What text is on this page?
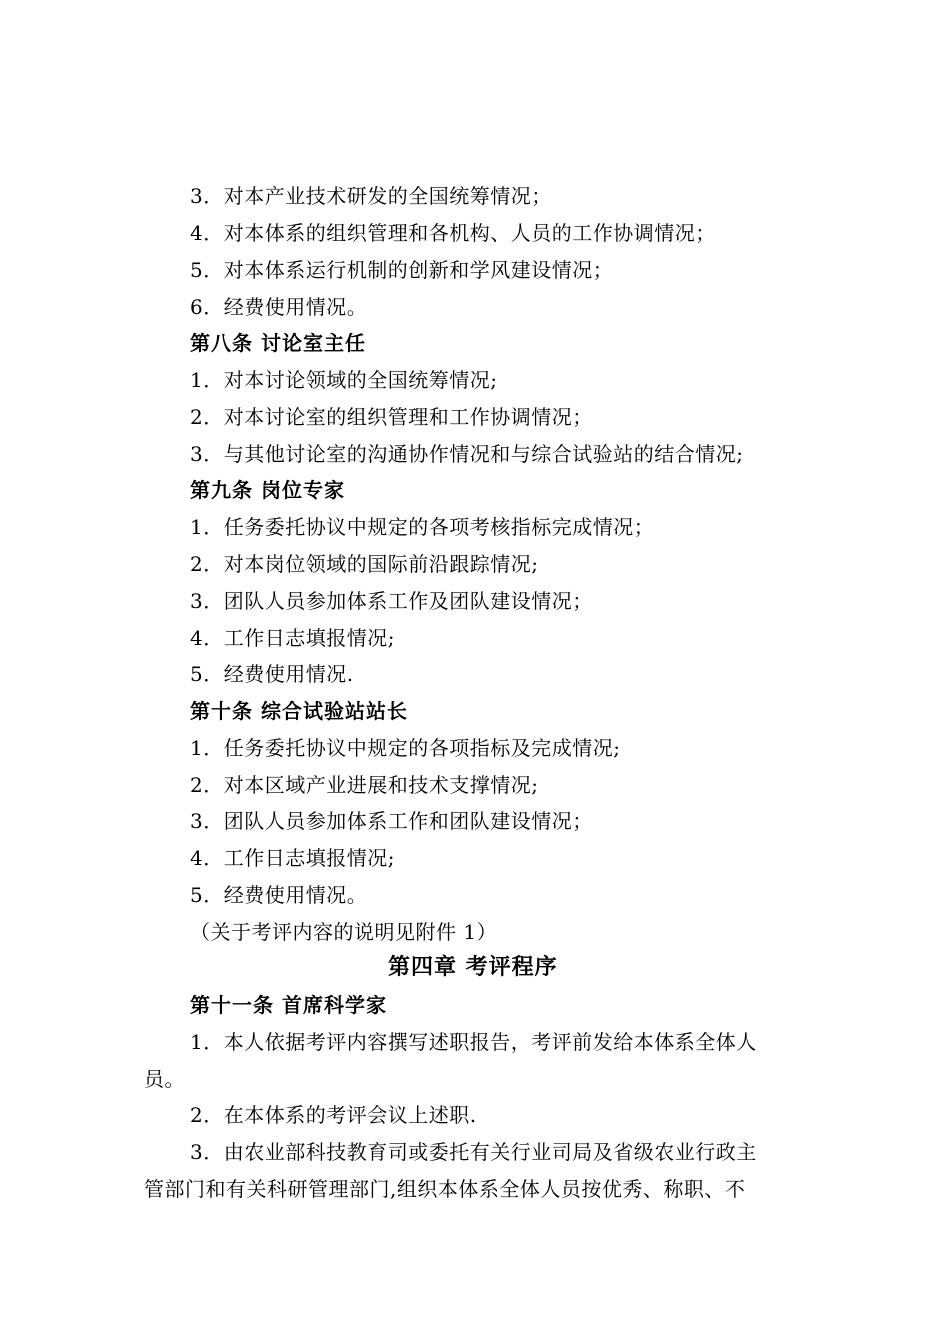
3．对本产业技术研发的全国统筹情况；
4．对本体系的组织管理和各机构、人员的工作协调情况；
5．对本体系运行机制的创新和学风建设情况；
6．经费使用情况。
第八条 讨论室主任
1．对本讨论领域的全国统筹情况;
2．对本讨论室的组织管理和工作协调情况；
3．与其他讨论室的沟通协作情况和与综合试验站的结合情况;
第九条 岗位专家
1．任务委托协议中规定的各项考核指标完成情况；
2．对本岗位领域的国际前沿跟踪情况;
3．团队人员参加体系工作及团队建设情况；
4．工作日志填报情况;
5．经费使用情况.
第十条 综合试验站站长
1．任务委托协议中规定的各项指标及完成情况;
2．对本区域产业进展和技术支撑情况;
3．团队人员参加体系工作和团队建设情况；
4．工作日志填报情况;
5．经费使用情况。
（关于考评内容的说明见附件 1）
第四章 考评程序
第十一条 首席科学家
1．本人依据考评内容撰写述职报告，考评前发给本体系全体人
员。
2．在本体系的考评会议上述职.
3．由农业部科技教育司或委托有关行业司局及省级农业行政主
管部门和有关科研管理部门,组织本体系全体人员按优秀、称职、不
